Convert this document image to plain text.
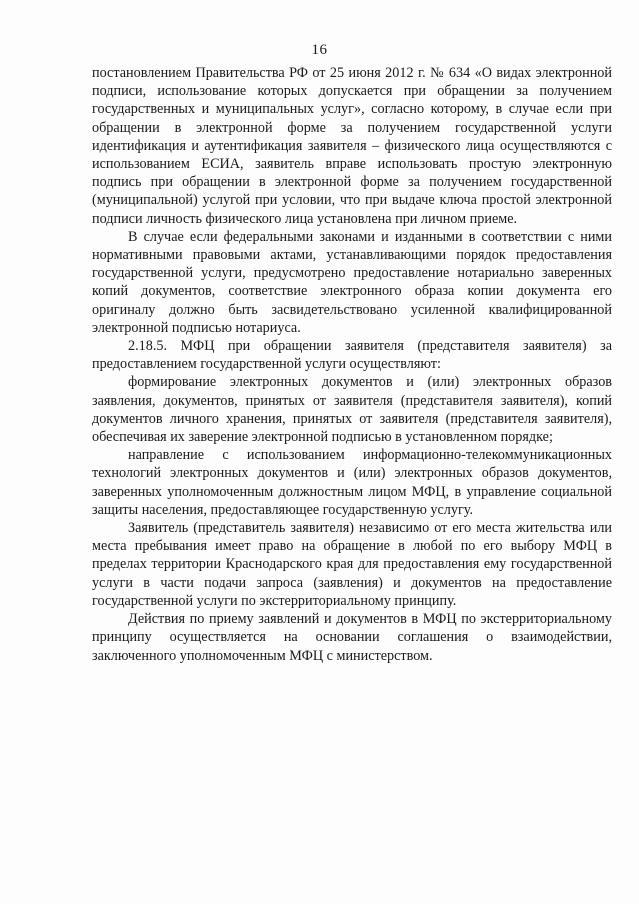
16

постановлением Правительства РФ от 25 июня 2012 г. № 634 «О видах электронной подписи, использование которых допускается при обращении за получением государственных и муниципальных услуг», согласно которому, в случае если при обращении в электронной форме за получением государственной услуги идентификация и аутентификация заявителя – физического лица осуществляются с использованием ЕСИА, заявитель вправе использовать простую электронную подпись при обращении в электронной форме за получением государственной (муниципальной) услугой при условии, что при выдаче ключа простой электронной подписи личность физического лица установлена при личном приеме.

В случае если федеральными законами и изданными в соответствии с ними нормативными правовыми актами, устанавливающими порядок предоставления государственной услуги, предусмотрено предоставление нотариально заверенных копий документов, соответствие электронного образа копии документа его оригиналу должно быть засвидетельствовано усиленной квалифицированной электронной подписью нотариуса.

2.18.5. МФЦ при обращении заявителя (представителя заявителя) за предоставлением государственной услуги осуществляют:

формирование электронных документов и (или) электронных образов заявления, документов, принятых от заявителя (представителя заявителя), копий документов личного хранения, принятых от заявителя (представителя заявителя), обеспечивая их заверение электронной подписью в установленном порядке;

направление с использованием информационно-телекоммуникационных технологий электронных документов и (или) электронных образов документов, заверенных уполномоченным должностным лицом МФЦ, в управление социальной защиты населения, предоставляющее государственную услугу.

Заявитель (представитель заявителя) независимо от его места жительства или места пребывания имеет право на обращение в любой по его выбору МФЦ в пределах территории Краснодарского края для предоставления ему государственной услуги в части подачи запроса (заявления) и документов на предоставление государственной услуги по экстерриториальному принципу.

Действия по приему заявлений и документов в МФЦ по экстерриториальному принципу осуществляется на основании соглашения о взаимодействии, заключенного уполномоченным МФЦ с министерством.
